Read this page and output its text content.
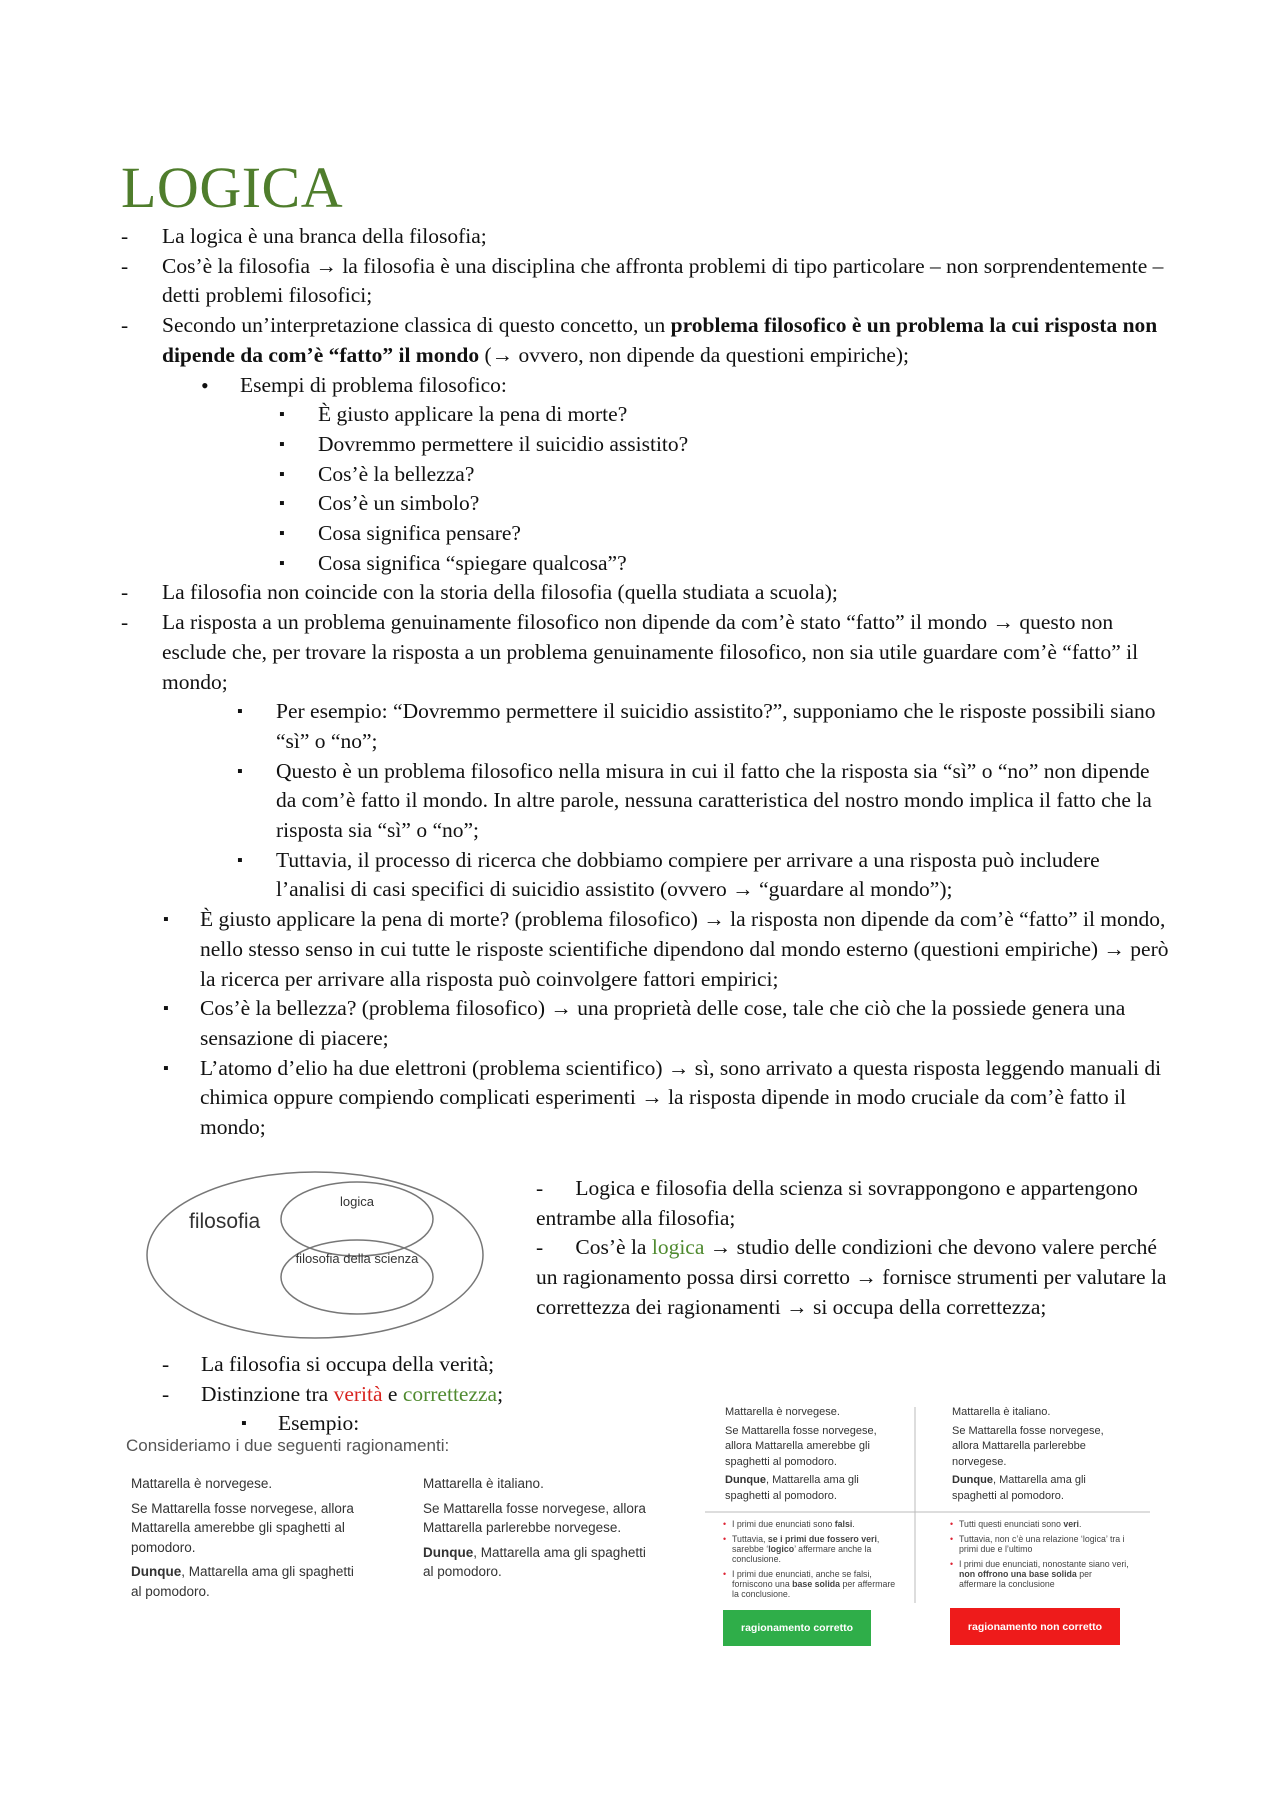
LOGICA
- La logica è una branca della filosofia;
- Cos’è la filosofia → la filosofia è una disciplina che affronta problemi di tipo particolare – non sorprendentemente – detti problemi filosofici;
- Secondo un’interpretazione classica di questo concetto, un problema filosofico è un problema la cui risposta non dipende da com’è “fatto” il mondo (→ ovvero, non dipende da questioni empiriche);
• Esempi di problema filosofico:
▪ È giusto applicare la pena di morte?
▪ Dovremmo permettere il suicidio assistito?
▪ Cos’è la bellezza?
▪ Cos’è un simbolo?
▪ Cosa significa pensare?
▪ Cosa significa “spiegare qualcosa”?
- La filosofia non coincide con la storia della filosofia (quella studiata a scuola);
- La risposta a un problema genuinamente filosofico non dipende da com’è stato “fatto” il mondo → questo non esclude che, per trovare la risposta a un problema genuinamente filosofico, non sia utile guardare com’è “fatto” il mondo;
▪ Per esempio: “Dovremmo permettere il suicidio assistito?”, supponiamo che le risposte possibili siano “sì” o “no”;
▪ Questo è un problema filosofico nella misura in cui il fatto che la risposta sia “sì” o “no” non dipende da com’è fatto il mondo. In altre parole, nessuna caratteristica del nostro mondo implica il fatto che la risposta sia “sì” o “no”;
▪ Tuttavia, il processo di ricerca che dobbiamo compiere per arrivare a una risposta può includere l’analisi di casi specifici di suicidio assistito (ovvero → “guardare al mondo”);
▪ È giusto applicare la pena di morte? (problema filosofico) → la risposta non dipende da com’è “fatto” il mondo, nello stesso senso in cui tutte le risposte scientifiche dipendono dal mondo esterno (questioni empiriche) → però la ricerca per arrivare alla risposta può coinvolgere fattori empirici;
▪ Cos’è la bellezza? (problema filosofico) → una proprietà delle cose, tale che ciò che la possiede genera una sensazione di piacere;
▪ L’atomo d’elio ha due elettroni (problema scientifico) → sì, sono arrivato a questa risposta leggendo manuali di chimica oppure compiendo complicati esperimenti → la risposta dipende in modo cruciale da com’è fatto il mondo;
filosofia
logica
filosofia della scienza
-      Logica e filosofia della scienza si sovrappongono e appartengono entrambe alla filosofia;
-      Cos’è la logica → studio delle condizioni che devono valere perché un ragionamento possa dirsi corretto → fornisce strumenti per valutare la correttezza dei ragionamenti → si occupa della correttezza;
- La filosofia si occupa della verità;
- Distinzione tra verità e correttezza;
▪ Esempio:
Consideriamo i due seguenti ragionamenti:

Mattarella è norvegese.

Se Mattarella fosse norvegese, allora Mattarella amerebbe gli spaghetti al pomodoro.

Dunque, Mattarella ama gli spaghetti al pomodoro.

Mattarella è italiano.

Se Mattarella fosse norvegese, allora Mattarella parlerebbe norvegese.

Dunque, Mattarella ama gli spaghetti al pomodoro.

Mattarella è norvegese.

Se Mattarella fosse norvegese, allora Mattarella amerebbe gli spaghetti al pomodoro.

Dunque, Mattarella ama gli spaghetti al pomodoro.

Mattarella è italiano.

Se Mattarella fosse norvegese, allora Mattarella parlerebbe norvegese.

Dunque, Mattarella ama gli spaghetti al pomodoro.

• I primi due enunciati sono falsi.

• Tuttavia, se i primi due fossero veri, sarebbe ‘logico’ affermare anche la conclusione.

• I primi due enunciati, anche se falsi, forniscono una base solida per affermare la conclusione.

• Tutti questi enunciati sono veri.

• Tuttavia, non c’è una relazione ‘logica’ tra i primi due e l’ultimo

• I primi due enunciati, nonostante siano veri, non offrono una base solida per affermare la conclusione

ragionamento corretto	ragionamento non corretto
